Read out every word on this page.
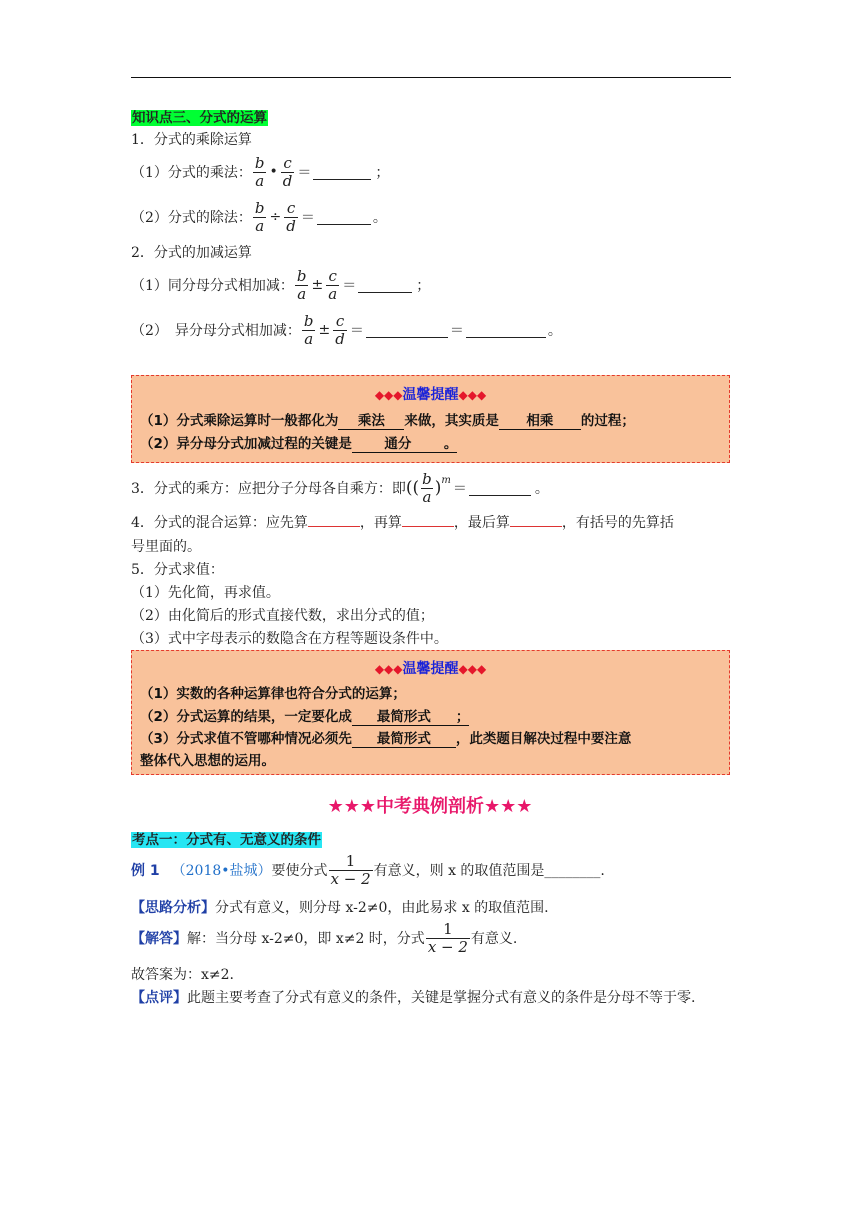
知识点三、分式的运算
1．分式的乘除运算
（1）分式的乘法： $\frac{b}{a}$ • $\frac{c}{d}$ ＝	；
（2）分式的除法： $\frac{b}{a} \div \frac{c}{d}$ ＝	。
2．分式的加减运算
（1）同分母分式相加减： $\frac{b}{a} \pm \frac{c}{a}$ ＝	；
（2）　异分母分式相加减： $\frac{b}{a} \pm \frac{c}{d}$ ＝	＝	。
◆◆◆温馨提醒◆◆◆
（1）分式乘除运算时一般都化为 乘法 来做，其实质是 相乘 的过程；
（2）异分母分式加减过程的关键是 通分 。
3．分式的乘方：应把分子分母各自乘方：即 (( $\frac{b}{a} )^m$
＝	。
4．分式的混合运算：应先算	，再算	，最后算	，有括号的先算括
号里面的。
5．分式求值：
（1）先化简，再求值。
（2）由化简后的形式直接代数，求出分式的值；
（3）式中字母表示的数隐含在方程等题设条件中。
◆◆◆温馨提醒◆◆◆
（1）实数的各种运算律也符合分式的运算；
（2）分式运算的结果，一定要化成 最简形式 ；
（3）分式求值不管哪种情况必须先 最简形式 ，此类题目解决过程中要注意
整体代入思想的运用。
★★★中考典例剖析★★★
考点一：分式有、无意义的条件
例 1 （2018•盐城） 要使分式 $\frac{1}{x - 2}$ 有意义，则 x 的取值范围是________.
【思路分析】分式有意义，则分母 x-2≠0，由此易求 x 的取值范围.
【解答】 解：当分母 x-2≠0，即 x≠2 时，分式 $\frac{1}{x - 2}$ 有意义.
故答案为：x≠2.
【点评】此题主要考查了分式有意义的条件，关键是掌握分式有意义的条件是分母不等于零.
